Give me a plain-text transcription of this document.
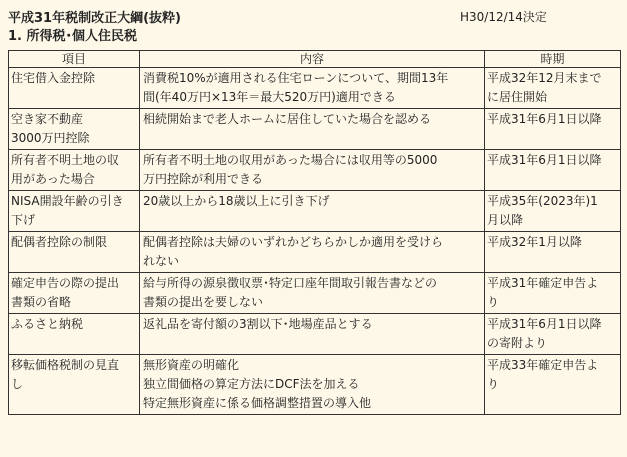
平成31年税制改正大綱(抜粋)	H30/12/14決定
1. 所得税･個人住民税
項目	内容	時期

住宅借入金控除	消費税10%が適用される住宅ローンについて、期間13年
間(年40万円×13年＝最大520万円)適用できる	平成32年12月末まで
に居住開始

空き家不動産
3000万円控除	相続開始まで老人ホームに居住していた場合を認める	平成31年6月1日以降

所有者不明土地の収
用があった場合	所有者不明土地の収用があった場合には収用等の5000
万円控除が利用できる	平成31年6月1日以降

NISA開設年齢の引き
下げ	20歳以上から18歳以上に引き下げ	平成35年(2023年)1
月以降

配偶者控除の制限	配偶者控除は夫婦のいずれかどちらかしか適用を受けら
れない	平成32年1月以降

確定申告の際の提出
書類の省略	給与所得の源泉徴収票･特定口座年間取引報告書などの
書類の提出を要しない	平成31年確定申告よ
り

ふるさと納税	返礼品を寄付額の3割以下･地場産品とする	平成31年6月1日以降
の寄附より

移転価格税制の見直
し	無形資産の明確化
独立間価格の算定方法にDCF法を加える
特定無形資産に係る価格調整措置の導入他	平成33年確定申告よ
り
